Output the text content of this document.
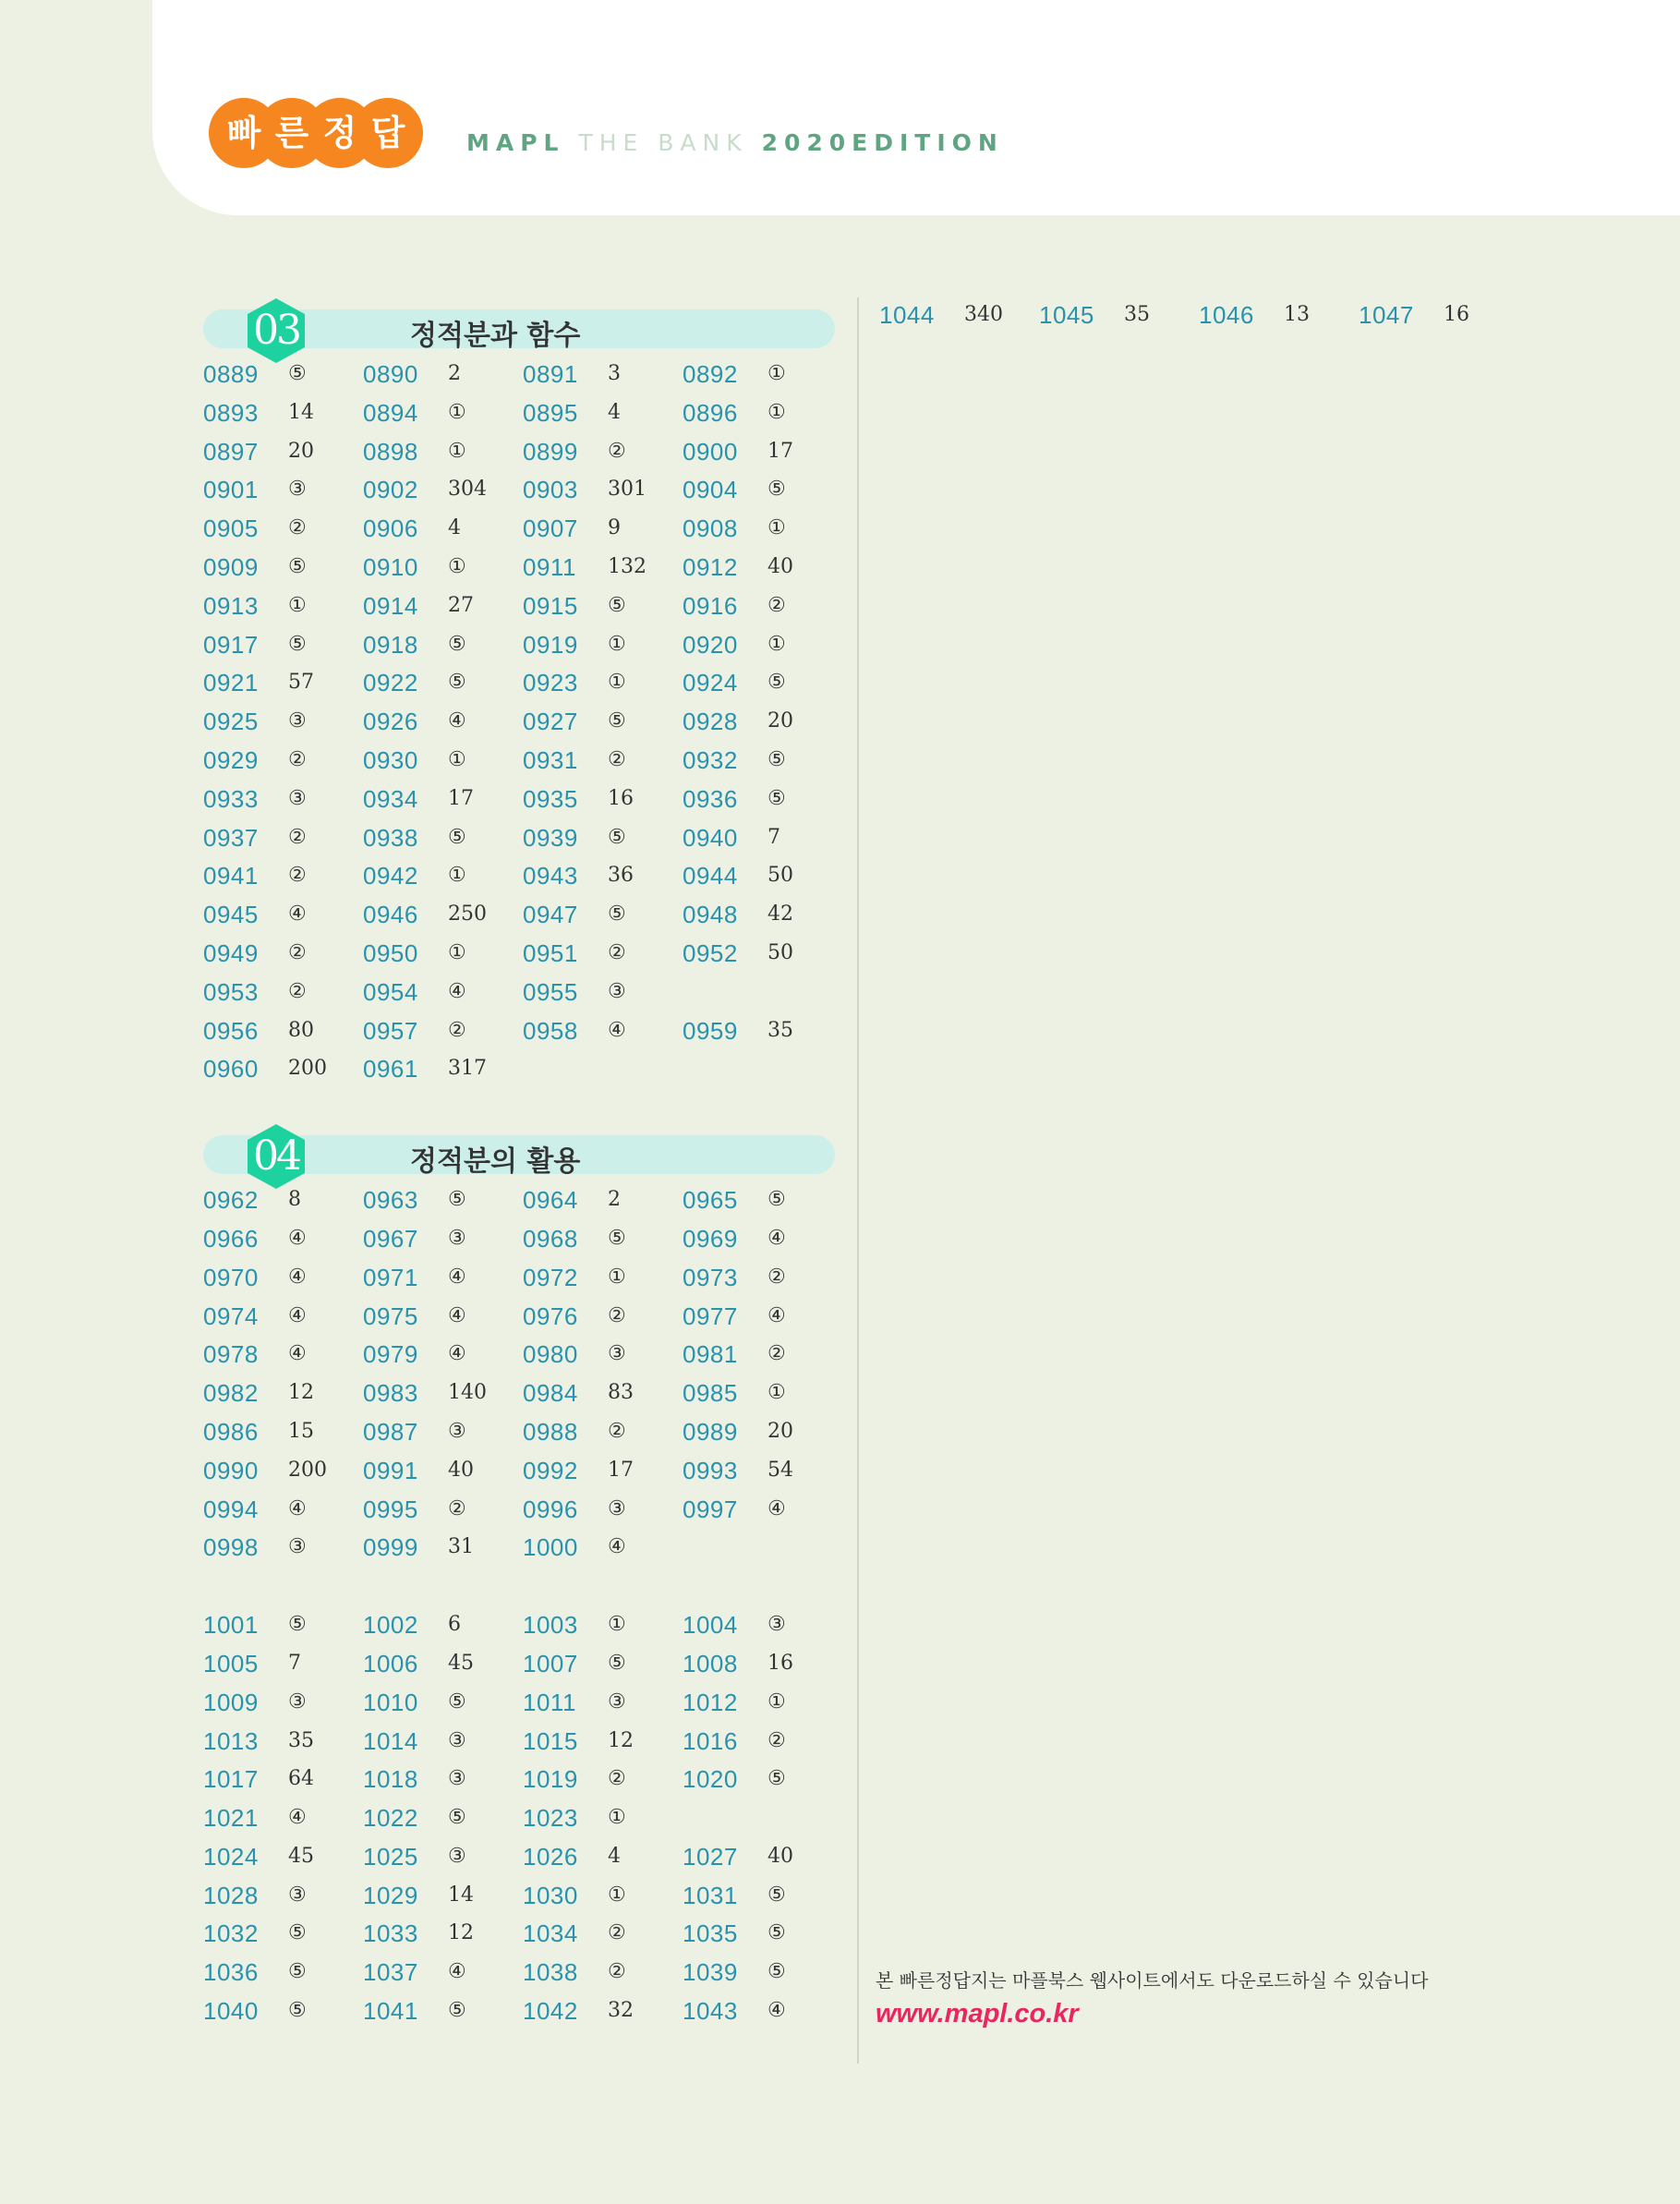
빠 른 정 답	MAPL THE BANK 2020EDITION
03	정적분과 함수
0889 ⑤ 0890 2	0891 3	0892 ①
0893 14 0894 ① 0895 4	0896 ①
0897 20 0898 ① 0899 ② 0900 17
0901 ③ 0902 304 0903 301 0904 ⑤
0905 ② 0906 4	0907 9	0908 ①
0909 ⑤ 0910 ① 0911 132 0912 40
0913 ① 0914 27 0915 ⑤ 0916 ②
0917 ⑤ 0918 ⑤ 0919 ① 0920 ①
0921 57 0922 ⑤ 0923 ① 0924 ⑤
0925 ③ 0926 ④ 0927 ⑤ 0928 20
0929 ② 0930 ① 0931 ② 0932 ⑤
0933 ③ 0934 17 0935 16 0936 ⑤
0937 ② 0938 ⑤ 0939 ⑤ 0940 7
0941 ② 0942 ① 0943 36 0944 50
0945 ④ 0946 250 0947 ⑤ 0948 42
0949 ② 0950 ① 0951 ② 0952 50
0953 ② 0954 ④ 0955 ③
0956 80 0957 ② 0958 ④ 0959 35
0960 200 0961 317
04	정적분의 활용
0962 8	0963 ⑤ 0964 2	0965 ⑤
0966 ④ 0967 ③ 0968 ⑤ 0969 ④
0970 ④ 0971 ④ 0972 ① 0973 ②
0974 ④ 0975 ④ 0976 ② 0977 ④
0978 ④ 0979 ④ 0980 ③ 0981 ②
0982 12 0983 140 0984 83 0985 ①
0986 15 0987 ③ 0988 ② 0989 20
0990 200 0991 40 0992 17 0993 54
0994 ④ 0995 ② 0996 ③ 0997 ④
0998 ③ 0999 31 1000 ④
1001 ⑤ 1002 6	1003 ① 1004 ③
1005 7	1006 45 1007 ⑤ 1008 16
1009 ③ 1010 ⑤ 1011 ③ 1012 ①
1013 35 1014 ③ 1015 12 1016 ②
1017 64 1018 ③ 1019 ② 1020 ⑤
1021 ④ 1022 ⑤ 1023 ①
1024 45 1025 ③ 1026 4	1027 40
1028 ③ 1029 14 1030 ① 1031 ⑤
1032 ⑤ 1033 12 1034 ② 1035 ⑤
1036 ⑤ 1037 ④ 1038 ② 1039 ⑤
1040 ⑤ 1041 ⑤ 1042 32 1043 ④
1044 340 1045 35 1046 13 1047 16
본 빠른정답지는 마플북스 웹사이트에서도 다운로드하실 수 있습니다
www.mapl.co.kr
